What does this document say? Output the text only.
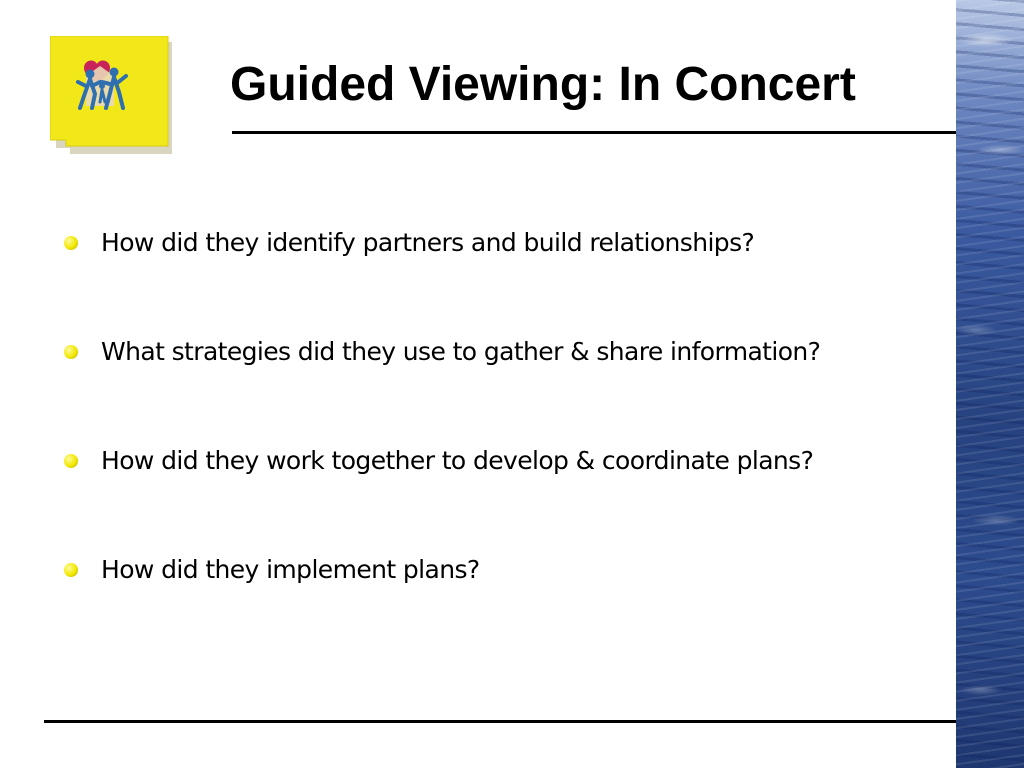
Guided Viewing: In Concert
How did they identify partners and build relationships?
What strategies did they use to gather & share information?
How did they work together to develop & coordinate plans?
How did they implement plans?
